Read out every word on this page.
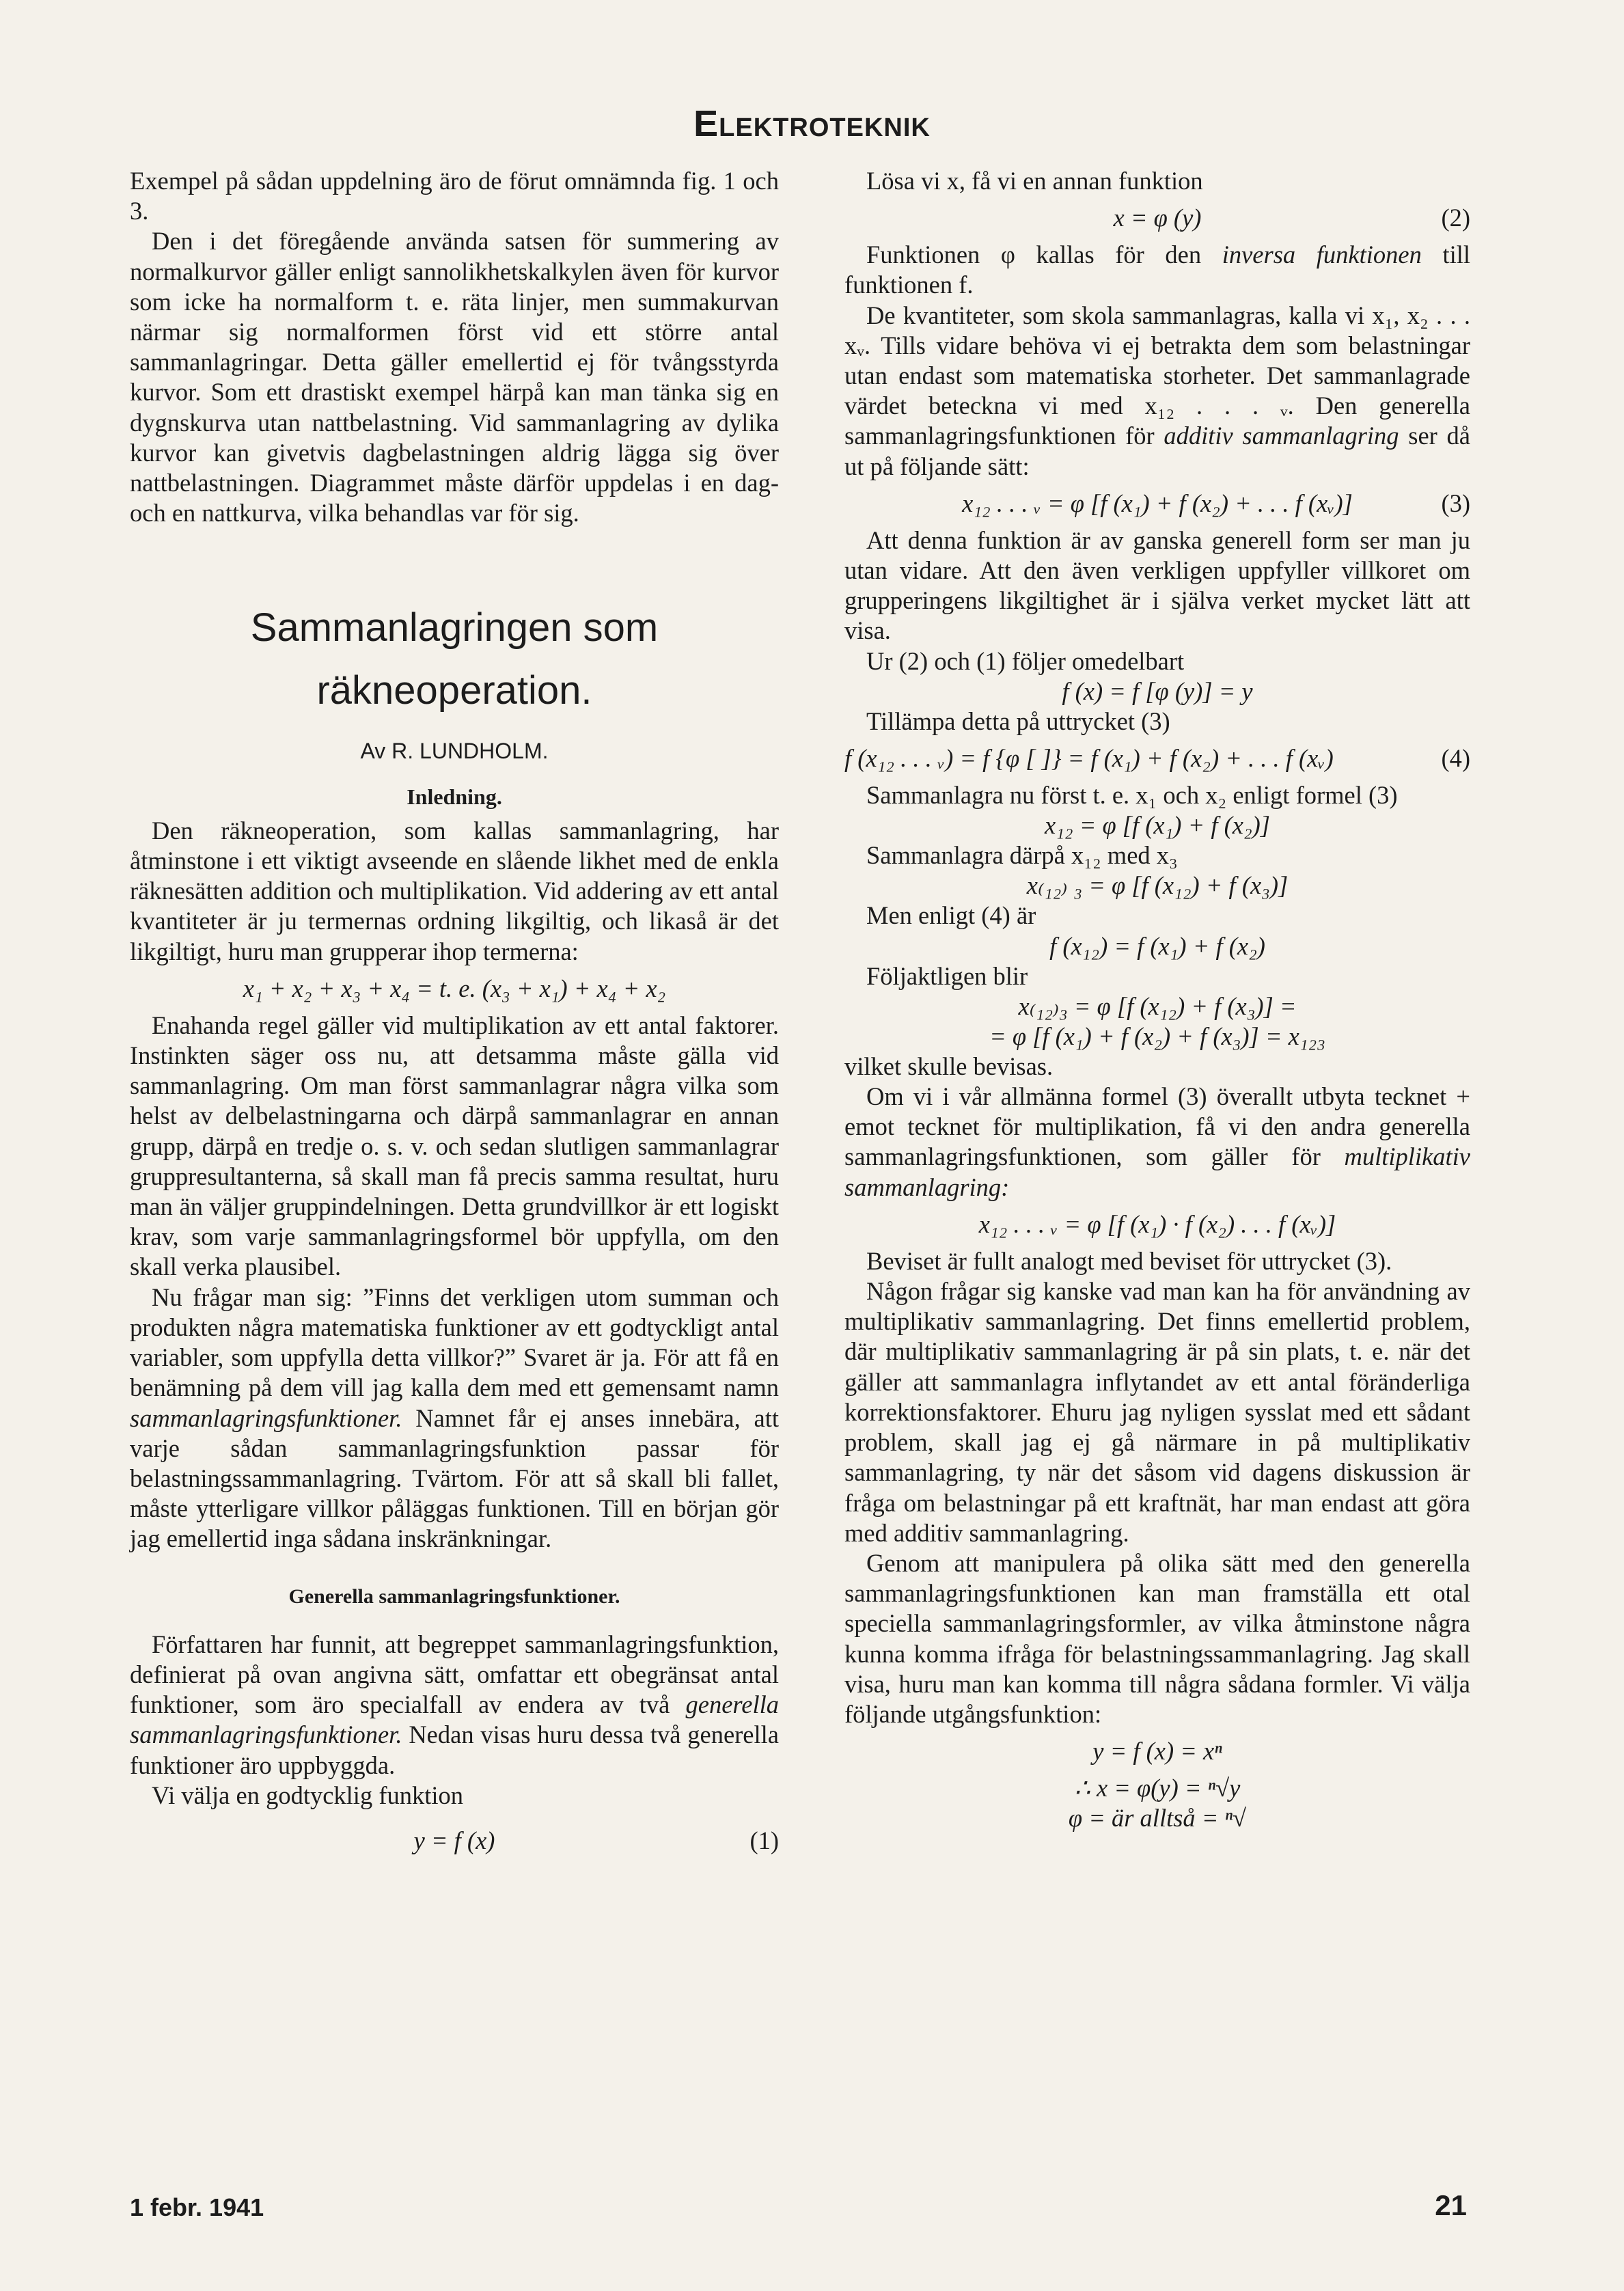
Elektroteknik

Exempel på sådan uppdelning äro de förut omnämnda fig. 1 och 3.

Den i det föregående använda satsen för summering av normalkurvor gäller enligt sannolikhetskalkylen även för kurvor som icke ha normalform t. e. räta linjer, men summakurvan närmar sig normalformen först vid ett större antal sammanlagringar. Detta gäller emellertid ej för tvångsstyrda kurvor. Som ett drastiskt exempel härpå kan man tänka sig en dygnskurva utan nattbelastning. Vid sammanlagring av dylika kurvor kan givetvis dagbelastningen aldrig lägga sig över nattbelastningen. Diagrammet måste därför uppdelas i en dag- och en nattkurva, vilka behandlas var för sig.

Sammanlagringen som räkneoperation.
Av R. LUNDHOLM.
Inledning.

Den räkneoperation, som kallas sammanlagring, har åtminstone i ett viktigt avseende en slående likhet med de enkla räknesätten addition och multiplikation. Vid addering av ett antal kvantiteter är ju termernas ordning likgiltig, och likaså är det likgiltigt, huru man grupperar ihop termerna:

x₁ + x₂ + x₃ + x₄ = t. e. (x₃ + x₁) + x₄ + x₂

Enahanda regel gäller vid multiplikation av ett antal faktorer. Instinkten säger oss nu, att detsamma måste gälla vid sammanlagring. Om man först sammanlagrar några vilka som helst av delbelastningarna och därpå sammanlagrar en annan grupp, därpå en tredje o. s. v. och sedan slutligen sammanlagrar gruppresultanterna, så skall man få precis samma resultat, huru man än väljer gruppindelningen. Detta grundvillkor är ett logiskt krav, som varje sammanlagringsformel bör uppfylla, om den skall verka plausibel.

Nu frågar man sig: ”Finns det verkligen utom summan och produkten några matematiska funktioner av ett godtyckligt antal variabler, som uppfylla detta villkor?” Svaret är ja. För att få en benämning på dem vill jag kalla dem med ett gemensamt namn sammanlagringsfunktioner. Namnet får ej anses innebära, att varje sådan sammanlagringsfunktion passar för belastningssammanlagring. Tvärtom. För att så skall bli fallet, måste ytterligare villkor påläggas funktionen. Till en början gör jag emellertid inga sådana inskränkningar.

Generella sammanlagringsfunktioner.

Författaren har funnit, att begreppet sammanlagringsfunktion, definierat på ovan angivna sätt, omfattar ett obegränsat antal funktioner, som äro specialfall av endera av två generella sammanlagringsfunktioner. Nedan visas huru dessa två generella funktioner äro uppbyggda.

Vi välja en godtycklig funktion

y = f (x)	(1)

Lösa vi x, få vi en annan funktion

x = φ (y)	(2)

Funktionen φ kallas för den inversa funktionen till funktionen f.

De kvantiteter, som skola sammanlagras, kalla vi x₁, x₂ . . . xᵥ. Tills vidare behöva vi ej betrakta dem som belastningar utan endast som matematiska storheter. Det sammanlagrade värdet betecknа vi med x₁₂ . . . ᵥ. Den generella sammanlagringsfunktionen för additiv sammanlagring ser då ut på följande sätt:

x₁₂ . . . ᵥ = φ [f (x₁) + f (x₂) + . . . f (xᵥ)]	(3)

Att denna funktion är av ganska generell form ser man ju utan vidare. Att den även verkligen uppfyller villkoret om grupperingens likgiltighet är i själva verket mycket lätt att visa.

Ur (2) och (1) följer omedelbart

f (x) = f [φ (y)] = y

Tillämpa detta på uttrycket (3)

f (x₁₂ . . . ᵥ) = f {φ [ ]} = f (x₁) + f (x₂) + . . . f (xᵥ)	(4)

Sammanlagra nu först t. e. x₁ och x₂ enligt formel (3)

x₁₂ = φ [f (x₁) + f (x₂)]

Sammanlagra därpå x₁₂ med x₃

x₍₁₂₎ ₃ = φ [f (x₁₂) + f (x₃)]

Men enligt (4) är

f (x₁₂) = f (x₁) + f (x₂)

Följaktligen blir

x₍₁₂₎₃ = φ [f (x₁₂) + f (x₃)] =
= φ [f (x₁) + f (x₂) + f (x₃)] = x₁₂₃

vilket skulle bevisas.

Om vi i vår allmänna formel (3) överallt utbyta tecknet + emot tecknet för multiplikation, få vi den andra generella sammanlagringsfunktionen, som gäller för multiplikativ sammanlagring:

x₁₂ . . . ᵥ = φ [f (x₁) · f (x₂) . . . f (xᵥ)]

Beviset är fullt analogt med beviset för uttrycket (3).

Någon frågar sig kanske vad man kan ha för användning av multiplikativ sammanlagring. Det finns emellertid problem, där multiplikativ sammanlagring är på sin plats, t. e. när det gäller att sammanlagra inflytandet av ett antal föränderliga korrektionsfaktorer. Ehuru jag nyligen sysslat med ett sådant problem, skall jag ej gå närmare in på multiplikativ sammanlagring, ty när det såsom vid dagens diskussion är fråga om belastningar på ett kraftnät, har man endast att göra med additiv sammanlagring.

Genom att manipulera på olika sätt med den generella sammanlagringsfunktionen kan man framställa ett otal speciella sammanlagringsformler, av vilka åtminstone några kunna komma ifråga för belastningssammanlagring. Jag skall visa, huru man kan komma till några sådana formler. Vi välja följande utgångsfunktion:

y = f (x) = xⁿ
∴ x = φ(y) = ⁿ√y
φ = är alltså = ⁿ√
1 febr. 1941	21
